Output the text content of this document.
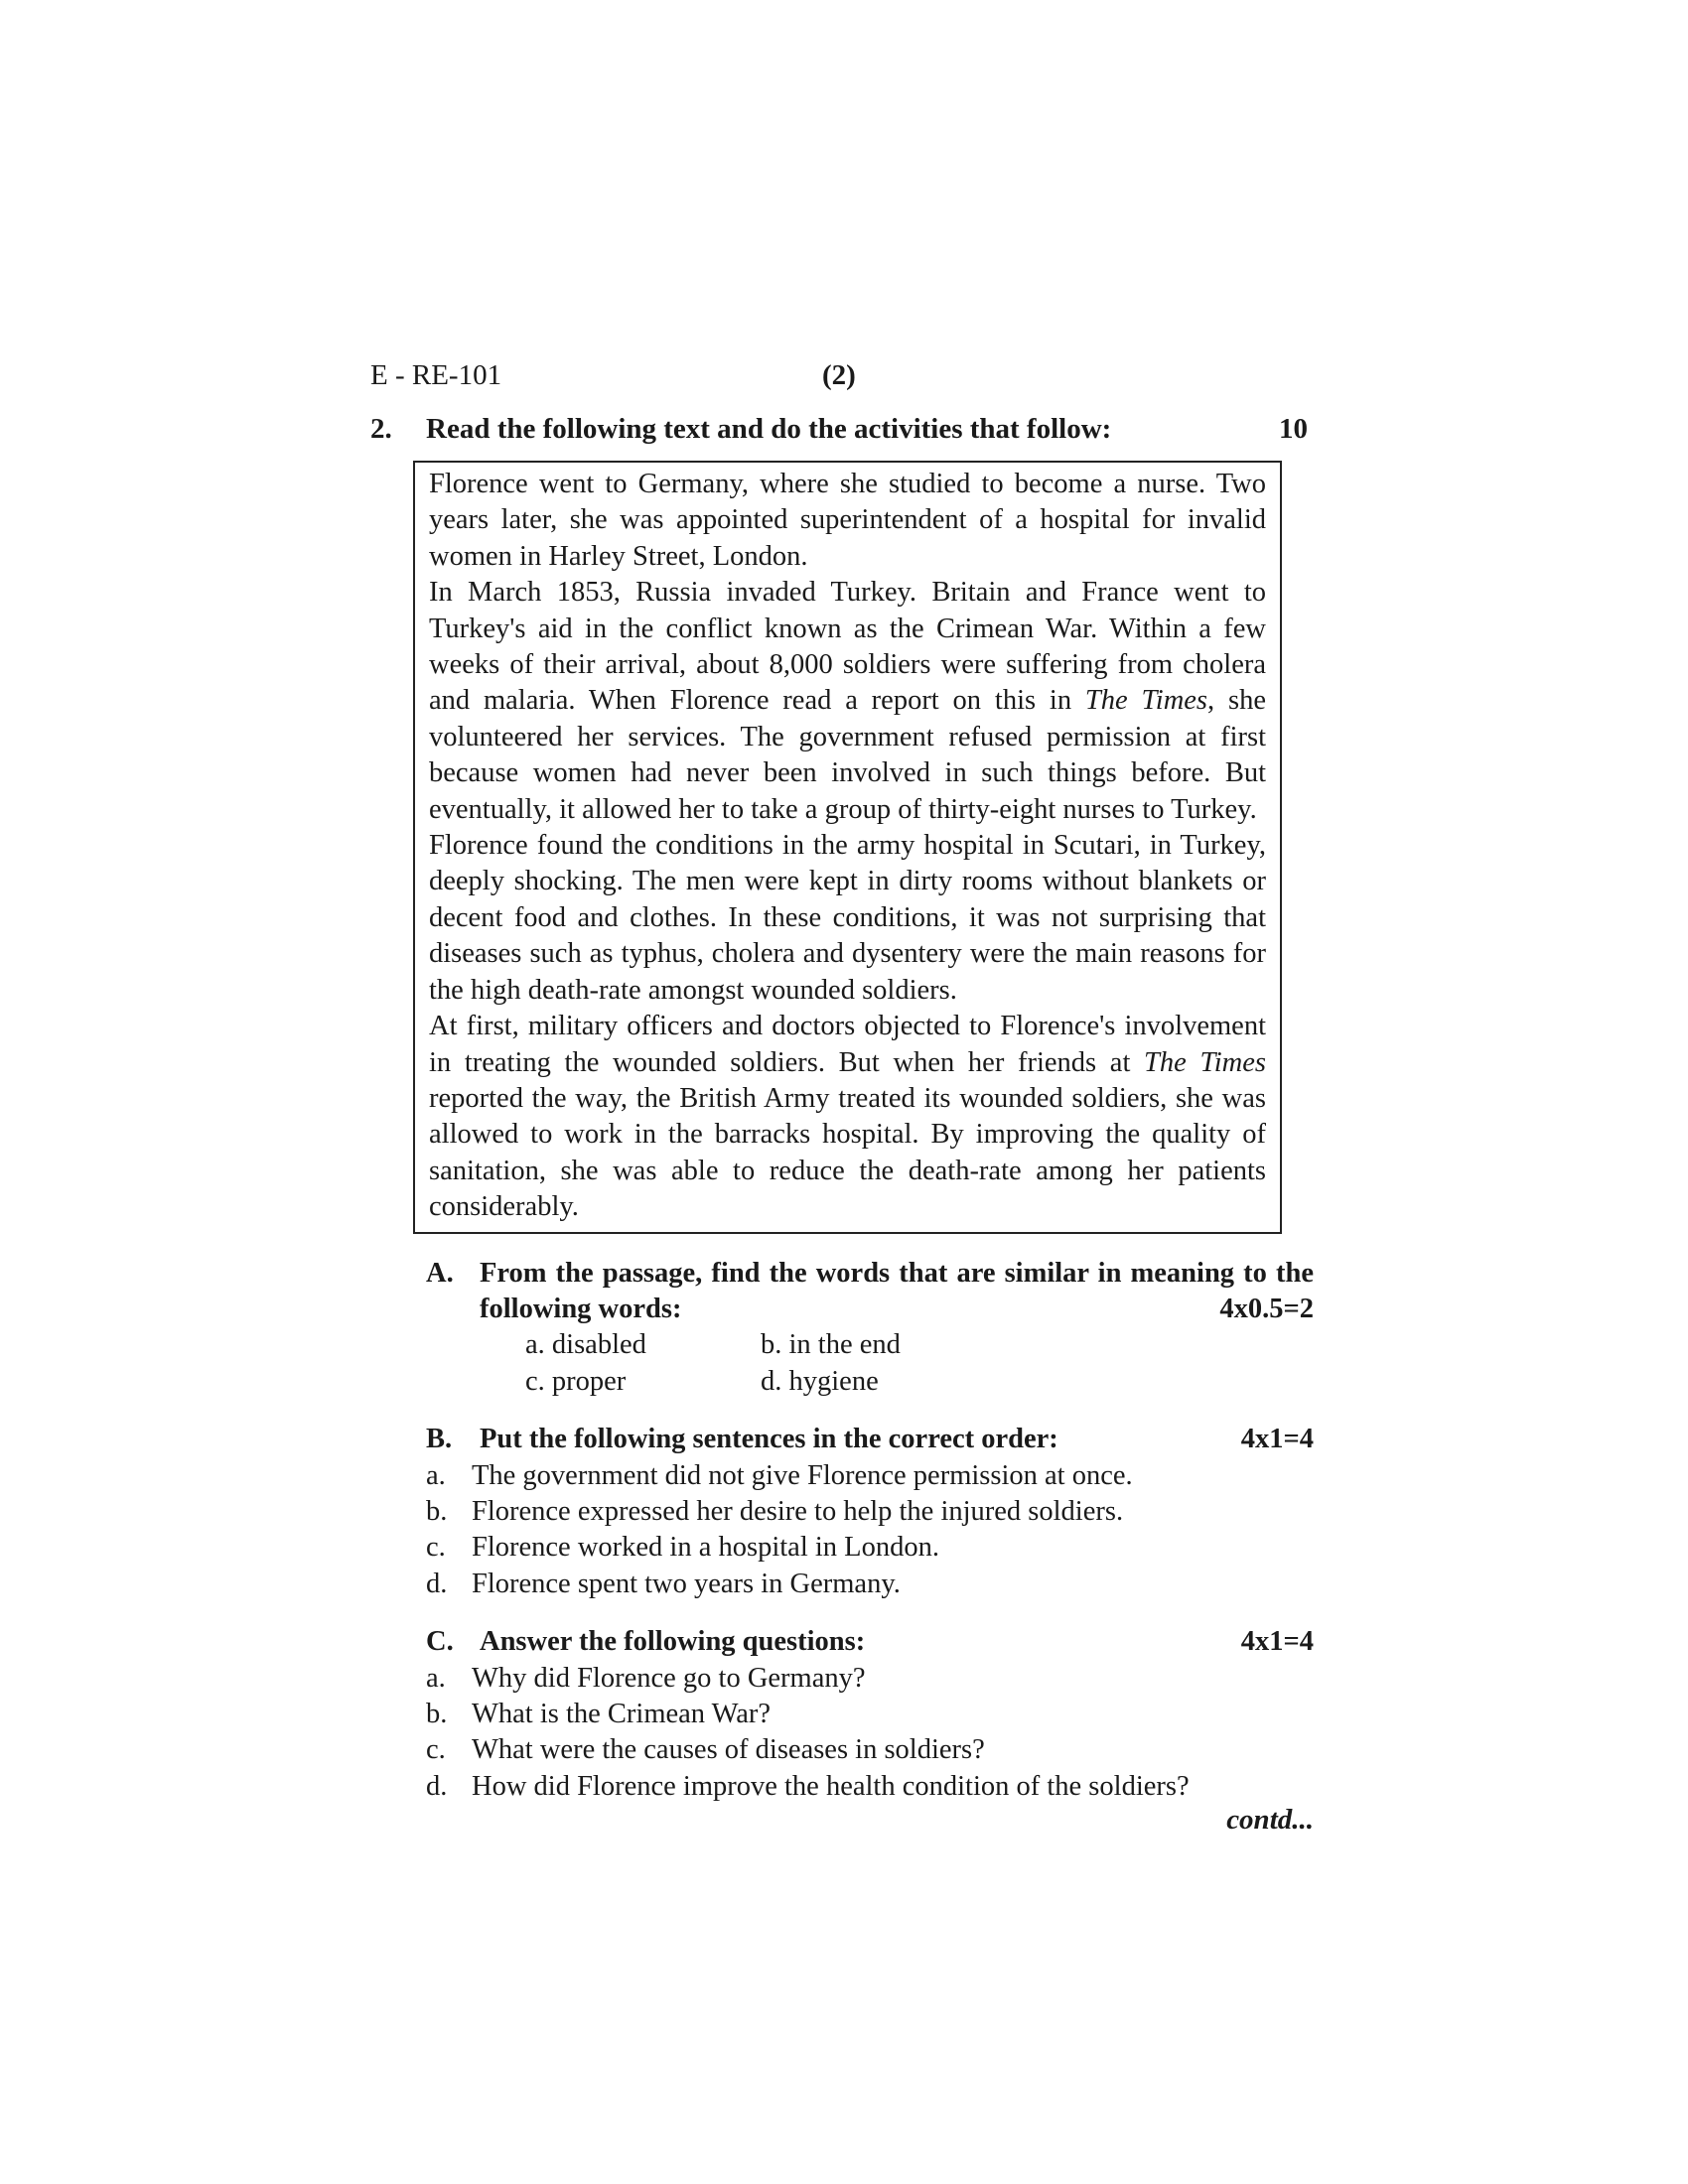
E - RE-101	(2)
2. Read the following text and do the activities that follow:	10

Florence went to Germany, where she studied to become a nurse. Two years later, she was appointed superintendent of a hospital for invalid women in Harley Street, London.

In March 1853, Russia invaded Turkey. Britain and France went to Turkey's aid in the conflict known as the Crimean War. Within a few weeks of their arrival, about 8,000 soldiers were suffering from cholera and malaria. When Florence read a report on this in The Times, she volunteered her services. The government refused permission at first because women had never been involved in such things before. But eventually, it allowed her to take a group of thirty-eight nurses to Turkey.

Florence found the conditions in the army hospital in Scutari, in Turkey, deeply shocking. The men were kept in dirty rooms without blankets or decent food and clothes. In these conditions, it was not surprising that diseases such as typhus, cholera and dysentery were the main reasons for the high death-rate amongst wounded soldiers.

At first, military officers and doctors objected to Florence's involvement in treating the wounded soldiers. But when her friends at The Times reported the way, the British Army treated its wounded soldiers, she was allowed to work in the barracks hospital. By improving the quality of sanitation, she was able to reduce the death-rate among her patients considerably.

A. From the passage, find the words that are similar in meaning to the following words:	4x0.5=2
a. disabled	b. in the end
c. proper	d. hygiene
B. Put the following sentences in the correct order:	4x1=4
a. The government did not give Florence permission at once.
b. Florence expressed her desire to help the injured soldiers.
c. Florence worked in a hospital in London.
d. Florence spent two years in Germany.
C. Answer the following questions:	4x1=4
a. Why did Florence go to Germany?
b. What is the Crimean War?
c. What were the causes of diseases in soldiers?
d. How did Florence improve the health condition of the soldiers?
contd...
